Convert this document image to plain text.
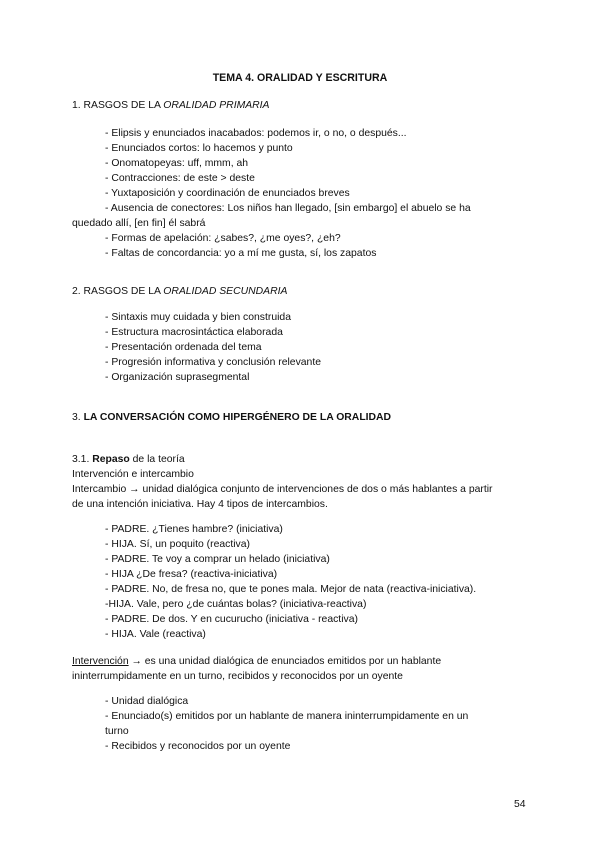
TEMA 4. ORALIDAD Y ESCRITURA
1. RASGOS DE LA ORALIDAD PRIMARIA
- Elipsis y enunciados inacabados: podemos ir, o no, o después...
- Enunciados cortos: lo hacemos y punto
- Onomatopeyas: uff, mmm, ah
- Contracciones: de este > deste
- Yuxtaposición y coordinación de enunciados breves
- Ausencia de conectores: Los niños han llegado, [sin embargo] el abuelo se ha
quedado allí, [en fin] él sabrá
- Formas de apelación: ¿sabes?, ¿me oyes?, ¿eh?
- Faltas de concordancia: yo a mí me gusta, sí, los zapatos
2. RASGOS DE LA ORALIDAD SECUNDARIA
- Sintaxis muy cuidada y bien construida
- Estructura macrosintáctica elaborada
- Presentación ordenada del tema
- Progresión informativa y conclusión relevante
- Organización suprasegmental
3. LA CONVERSACIÓN COMO HIPERGÉNERO DE LA ORALIDAD
3.1. Repaso de la teoría
Intervención e intercambio
Intercambio → unidad dialógica conjunto de intervenciones de dos o más hablantes a partir
de una intención iniciativa. Hay 4 tipos de intercambios.
- PADRE. ¿Tienes hambre? (iniciativa)
- HIJA. Sí, un poquito (reactiva)
- PADRE. Te voy a comprar un helado (iniciativa)
- HIJA ¿De fresa? (reactiva-iniciativa)
- PADRE. No, de fresa no, que te pones mala. Mejor de nata (reactiva-iniciativa).
-HIJA. Vale, pero ¿de cuántas bolas? (iniciativa-reactiva)
- PADRE. De dos. Y en cucurucho (iniciativa - reactiva)
- HIJA. Vale (reactiva)
Intervención → es una unidad dialógica de enunciados emitidos por un hablante
ininterrumpidamente en un turno, recibidos y reconocidos por un oyente
- Unidad dialógica
- Enunciado(s) emitidos por un hablante de manera ininterrumpidamente en un
turno
- Recibidos y reconocidos por un oyente
54
